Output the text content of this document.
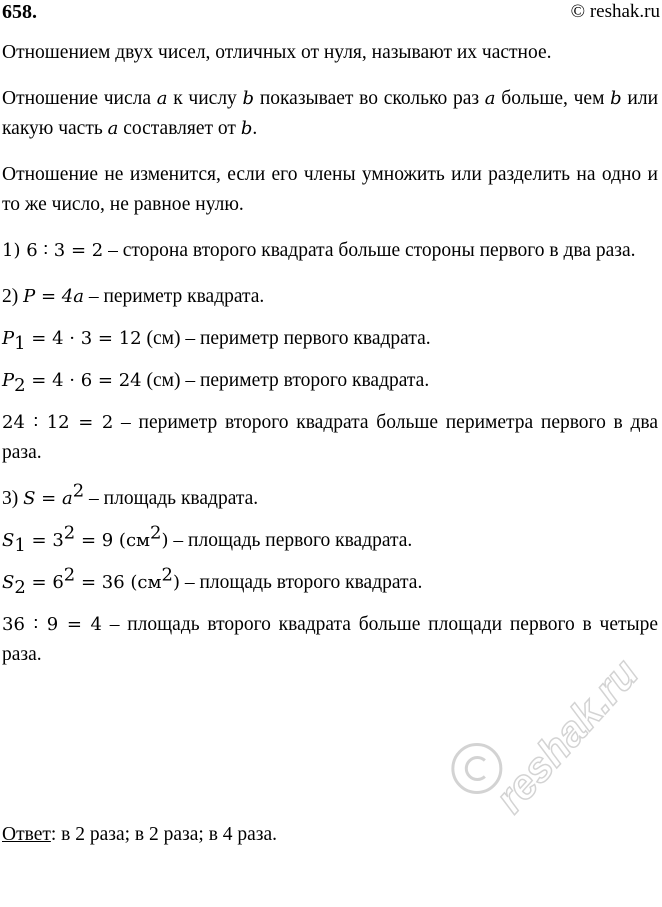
658.	© reshak.ru

Отношением двух чисел, отличных от нуля, называют их частное.

Отношение числа a к числу b показывает во сколько раз a больше, чем b или какую часть a составляет от b.

Отношение не изменится, если его члены умножить или разделить на одно и то же число, не равное нулю.

1) 6 ∶ 3 = 2 – сторона второго квадрата больше стороны первого в два раза.

2) P = 4a – периметр квадрата.

$P_1 = 4 \cdot 3 = 12$ (см) – периметр первого квадрата.

$P_2 = 4 \cdot 6 = 24$ (см) – периметр второго квадрата.

24 ∶ 12 = 2 – периметр второго квадрата больше периметра первого в два раза.

3) $S = a^2$ – площадь квадрата.

$S_1 = 3^2 = 9$ $(см^2)$ – площадь первого квадрата.

$S_2 = 6^2 = 36$ $(см^2)$ – площадь второго квадрата.

36 ∶ 9 = 4 – площадь второго квадрата больше площади первого в четыре раза.

Ответ: в 2 раза; в 2 раза; в 4 раза.
reshak.ru
